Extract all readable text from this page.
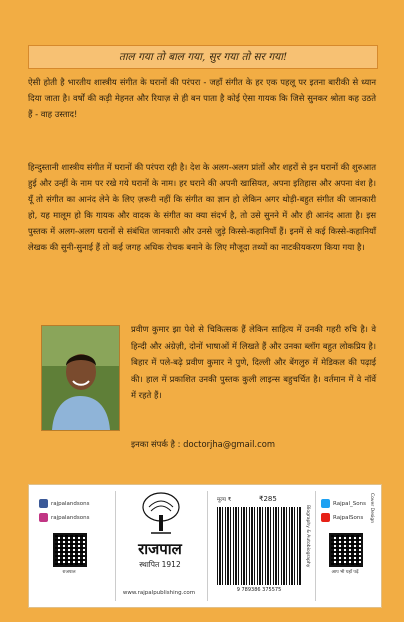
ताल गया तो बाल गया, सुर गया तो सर गया!

ऐसी होती है भारतीय शास्त्रीय संगीत के घरानों की परंपरा - जहाँ संगीत के हर एक पहलू पर इतना बारीकी से ध्यान दिया जाता है। वर्षों की कड़ी मेहनत और रियाज़ से ही बन पाता है कोई ऐसा गायक कि जिसे सुनकर श्रोता कह उठते हैं - वाह उस्ताद!

हिन्दुस्तानी शास्त्रीय संगीत में घरानों की परंपरा रही है। देश के अलग-अलग प्रांतों और शहरों से इन घरानों की शुरुआत हुई और उन्हीं के नाम पर रखे गये घरानों के नाम। हर घराने की अपनी खासियत, अपना इतिहास और अपना वंश है। यूँ तो संगीत का आनंद लेने के लिए ज़रूरी नहीं कि संगीत का ज्ञान हो लेकिन अगर थोड़ी-बहुत संगीत की जानकारी हो, यह मालूम हो कि गायक और वादक के संगीत का क्या संदर्भ है, तो उसे सुनने में और ही आनंद आता है। इस पुस्तक में अलग-अलग घरानों से संबंधित जानकारी और उनसे जुड़े किस्से-कहानियाँ हैं। इनमें से कई किस्से-कहानियाँ लेखक की सुनी-सुनाई हैं तो कई जगह अधिक रोचक बनाने के लिए मौजूदा तथ्यों का नाटकीयकरण किया गया है।

प्रवीण कुमार झा पेशे से चिकित्सक हैं लेकिन साहित्य में उनकी गहरी रुचि है। वे हिन्दी और अंग्रेज़ी, दोनों भाषाओं में लिखते हैं और उनका ब्लॉग बहुत लोकप्रिय है। बिहार में पले-बढ़े प्रवीण कुमार ने पुणे, दिल्ली और बेंगलुरु में मेडिकल की पढ़ाई की। हाल में प्रकाशित उनकी पुस्तक कुली लाइन्स बहुचर्चित है। वर्तमान में वे नॉर्वे में रहते हैं।

इनका संपर्क है : doctorjha@gmail.com
rajpalandsons
rajpalandsons
राजपाल
राजपाल
स्थापित 1912
www.rajpalpublishing.com
मूल्य ₹	₹285
9 789386 375575
Biography & Autobiography
Rajpal_Sons
RajpalSons
आप भी यहाँ पढ़ें
Cover Design
